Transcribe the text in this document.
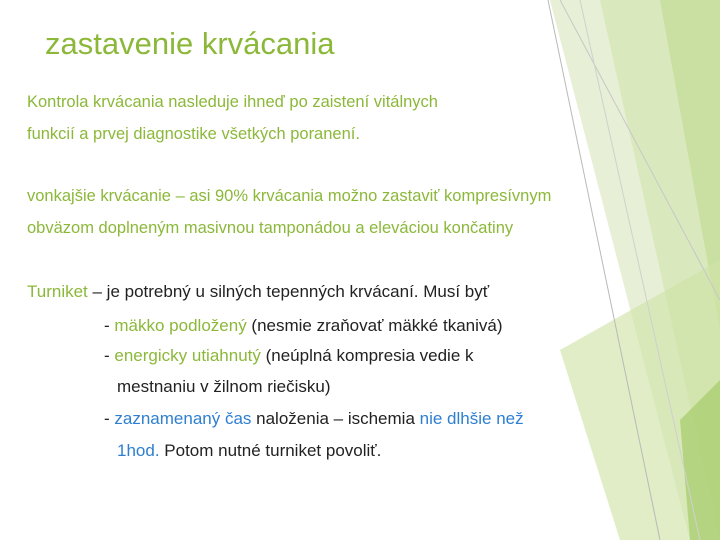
zastavenie krvácania
Kontrola krvácania nasleduje ihneď po zaistení vitálnych
funkcií a prvej diagnostike všetkých poranení.
vonkajšie krvácanie – asi 90% krvácania možno zastaviť kompresívnym
obväzom doplneným masivnou tamponádou a eleváciou končatiny
Turniket – je potrebný u silných tepenných krvácaní. Musí byť
- mäkko podložený (nesmie zraňovať mäkké tkanivá)
- energicky utiahnutý (neúplná kompresia vedie k
mestnaniu v žilnom riečisku)
- zaznamenaný čas naloženia – ischemia nie dlhšie než
1hod. Potom nutné turniket povoliť.
